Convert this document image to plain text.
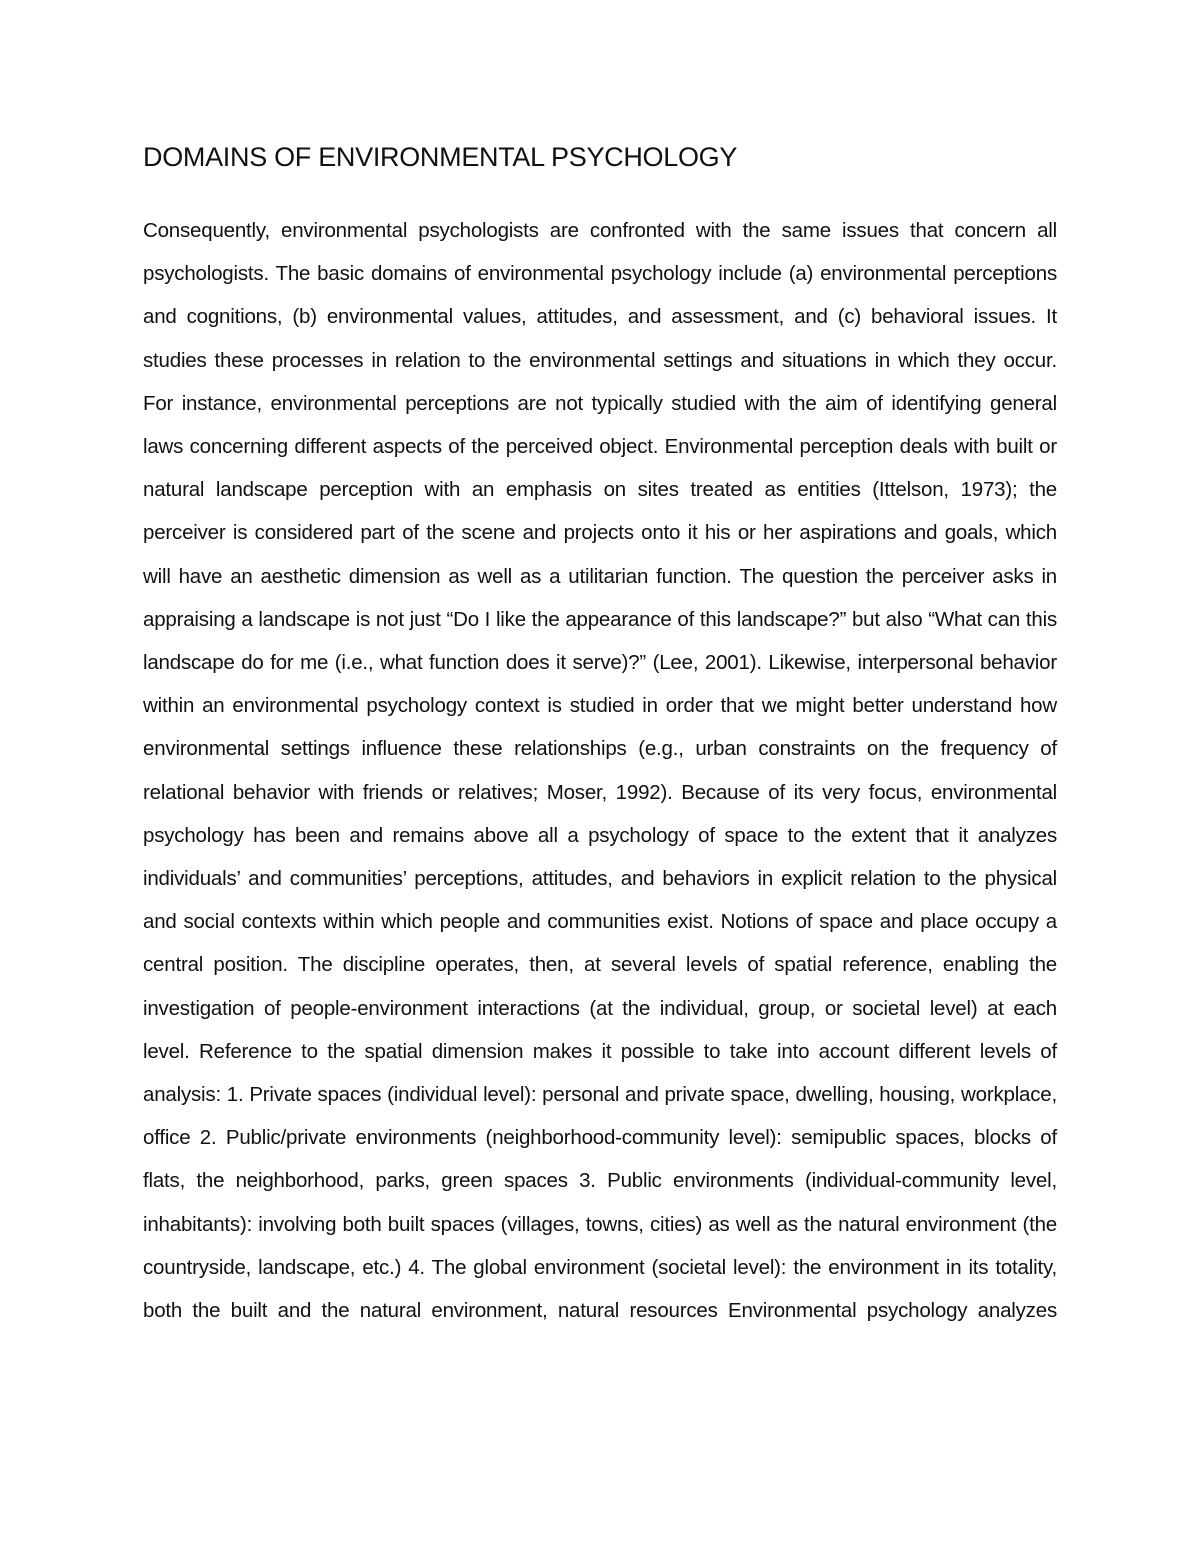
DOMAINS OF ENVIRONMENTAL PSYCHOLOGY

Consequently, environmental psychologists are confronted with the same issues that concern all psychologists. The basic domains of environmental psychology include (a) environmental perceptions and cognitions, (b) environmental values, attitudes, and assessment, and (c) behavioral issues. It studies these processes in relation to the environmental settings and situations in which they occur. For instance, environmental perceptions are not typically studied with the aim of identifying general laws concerning different aspects of the perceived object. Environmental perception deals with built or natural landscape perception with an emphasis on sites treated as entities (Ittelson, 1973); the perceiver is considered part of the scene and projects onto it his or her aspirations and goals, which will have an aesthetic dimension as well as a utilitarian function. The question the perceiver asks in appraising a landscape is not just “Do I like the appearance of this landscape?” but also “What can this landscape do for me (i.e., what function does it serve)?” (Lee, 2001). Likewise, interpersonal behavior within an environmental psychology context is studied in order that we might better understand how environmental settings influence these relationships (e.g., urban constraints on the frequency of relational behavior with friends or relatives; Moser, 1992). Because of its very focus, environmental psychology has been and remains above all a psychology of space to the extent that it analyzes individuals’ and communities’ perceptions, attitudes, and behaviors in explicit relation to the physical and social contexts within which people and communities exist. Notions of space and place occupy a central position. The discipline operates, then, at several levels of spatial reference, enabling the investigation of people-environment interactions (at the individual, group, or societal level) at each level. Reference to the spatial dimension makes it possible to take into account different levels of analysis: 1. Private spaces (individual level): personal and private space, dwelling, housing, workplace, office 2. Public/private environments (neighborhood-community level): semipublic spaces, blocks of flats, the neighborhood, parks, green spaces 3. Public environments (individual-community level, inhabitants): involving both built spaces (villages, towns, cities) as well as the natural environment (the countryside, landscape, etc.) 4. The global environment (societal level): the environment in its totality, both the built and the natural environment, natural resources Environmental psychology analyzes
